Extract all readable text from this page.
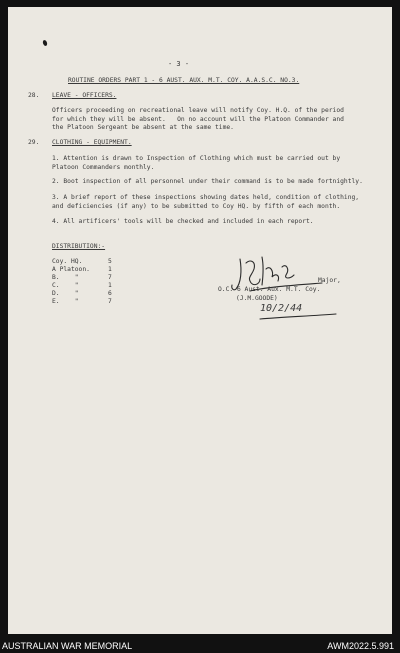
- 3 -
ROUTINE ORDERS PART 1 - 6 AUST. AUX. M.T. COY. A.A.S.C. NO.3.
28. LEAVE - OFFICERS.
Officers proceeding on recreational leave will notify Coy. H.Q. of the period
for which they will be absent.   On no account will the Platoon Commander and
the Platoon Sergeant be absent at the same time.
29. CLOTHING - EQUIPMENT.
1. Attention is drawn to Inspection of Clothing which must be carried out by
Platoon Commanders monthly.
2. Boot inspection of all personnel under their command is to be made fortnightly.
3. A brief report of these inspections showing dates held, condition of clothing,
and deficiencies (if any) to be submitted to Coy HQ. by fifth of each month.
4. All artificers' tools will be checked and included in each report.
DISTRIBUTION:-
Coy. HQ.	5
A Platoon.	1
B.    "	7
C.    "	1
D.    "	6
E.    "	7

Major,

O.C. 6 Aust. Aux. M.T. Coy.

(J.M.GOODE)

10/2/44

AUSTRALIAN WAR MEMORIAL	AWM2022.5.991
